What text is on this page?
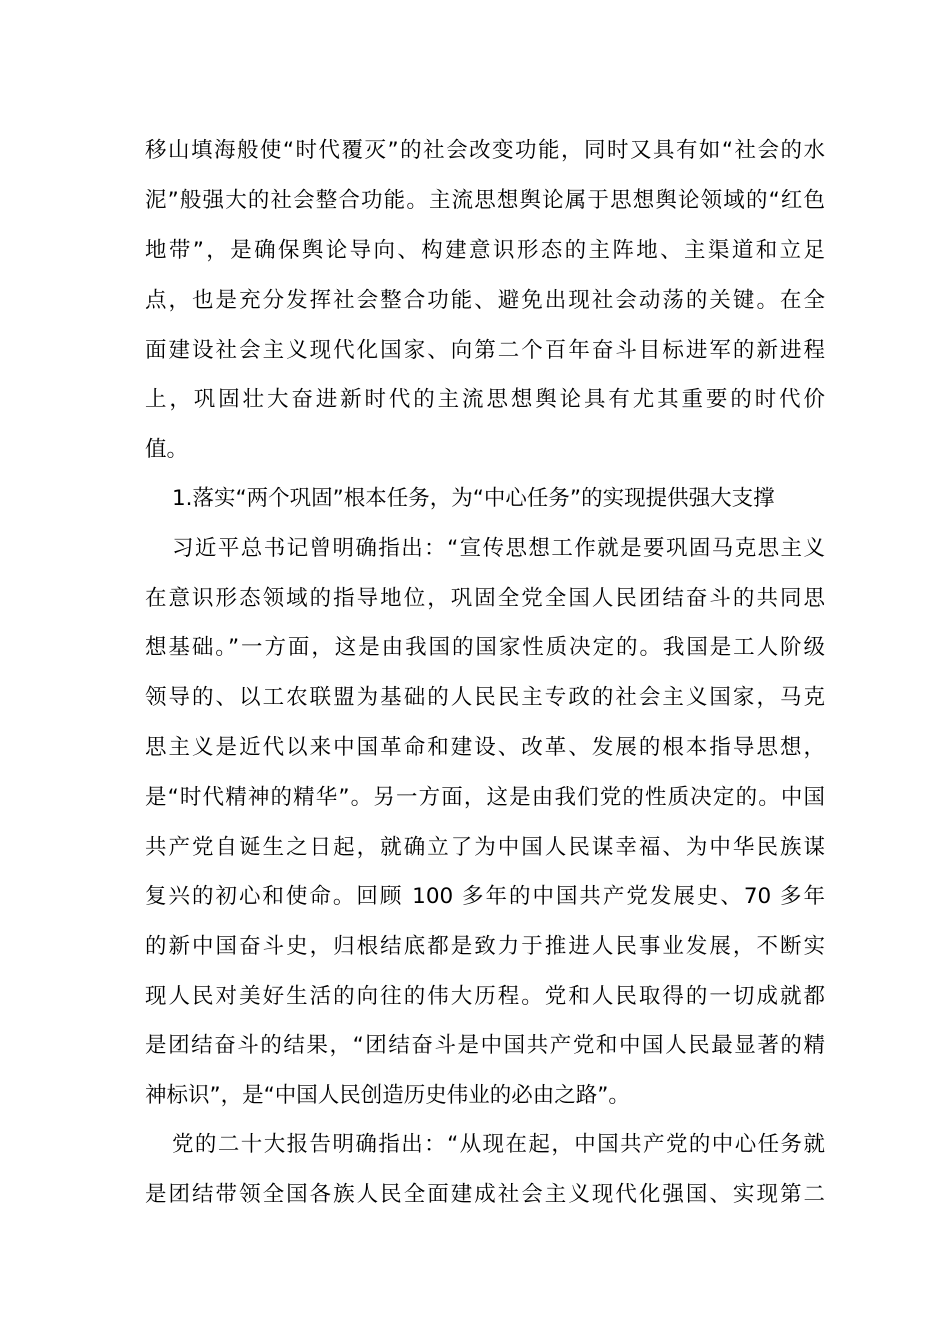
移山填海般使“时代覆灭”的社会改变功能，同时又具有如“社会的水
泥”般强大的社会整合功能。主流思想舆论属于思想舆论领域的“红色
地带”，是确保舆论导向、构建意识形态的主阵地、主渠道和立足
点，也是充分发挥社会整合功能、避免出现社会动荡的关键。在全
面建设社会主义现代化国家、向第二个百年奋斗目标进军的新进程
上，巩固壮大奋进新时代的主流思想舆论具有尤其重要的时代价
值。
1.落实“两个巩固”根本任务，为“中心任务”的实现提供强大支撑
习近平总书记曾明确指出：“宣传思想工作就是要巩固马克思主义
在意识形态领域的指导地位，巩固全党全国人民团结奋斗的共同思
想基础。”一方面，这是由我国的国家性质决定的。我国是工人阶级
领导的、以工农联盟为基础的人民民主专政的社会主义国家，马克
思主义是近代以来中国革命和建设、改革、发展的根本指导思想，
是“时代精神的精华”。另一方面，这是由我们党的性质决定的。中国
共产党自诞生之日起，就确立了为中国人民谋幸福、为中华民族谋
复兴的初心和使命。回顾 100 多年的中国共产党发展史、70 多年
的新中国奋斗史，归根结底都是致力于推进人民事业发展，不断实
现人民对美好生活的向往的伟大历程。党和人民取得的一切成就都
是团结奋斗的结果，“团结奋斗是中国共产党和中国人民最显著的精
神标识”，是“中国人民创造历史伟业的必由之路”。
党的二十大报告明确指出：“从现在起，中国共产党的中心任务就
是团结带领全国各族人民全面建成社会主义现代化强国、实现第二
